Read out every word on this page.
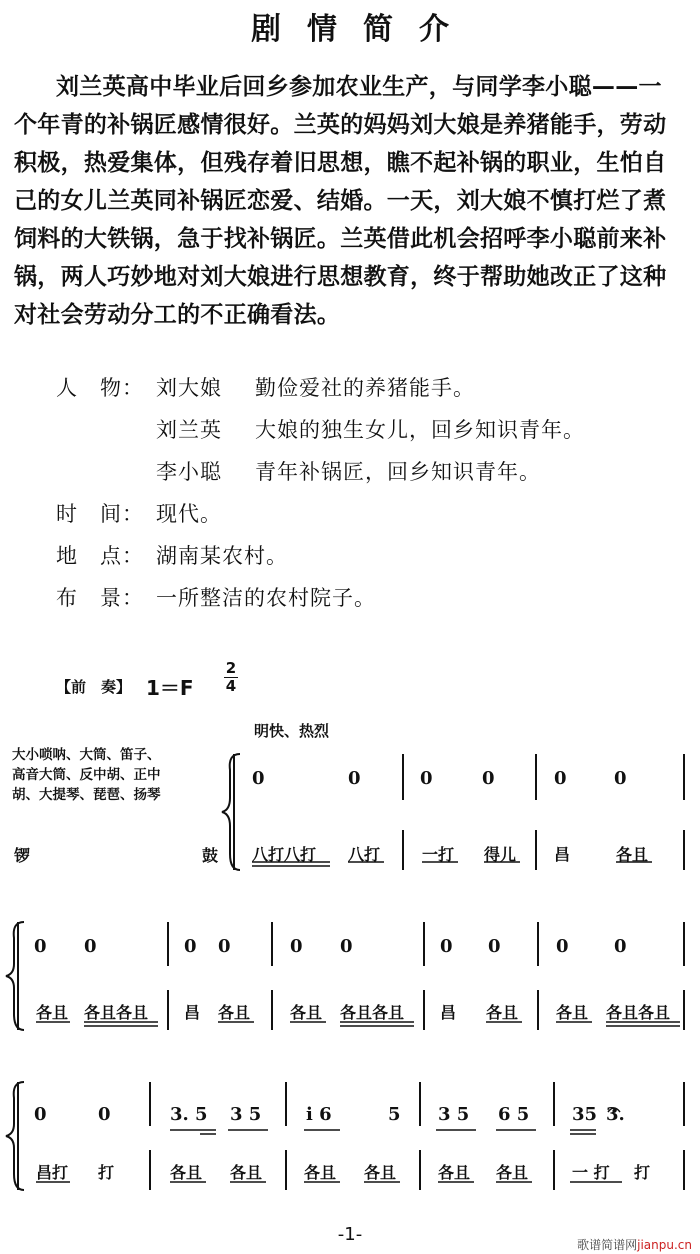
剧情简介
刘兰英高中毕业后回乡参加农业生产，与同学李小聪——一
个年青的补锅匠感情很好。兰英的妈妈刘大娘是养猪能手，劳动
积极，热爱集体，但残存着旧思想，瞧不起补锅的职业，生怕自
己的女儿兰英同补锅匠恋爱、结婚。一天，刘大娘不慎打烂了煮
饲料的大铁锅，急于找补锅匠。兰英借此机会招呼李小聪前来补
锅，两人巧妙地对刘大娘进行思想教育，终于帮助她改正了这种
对社会劳动分工的不正确看法。
人　物： 刘大娘 勤俭爱社的养猪能手。
刘兰英 大娘的独生女儿，回乡知识青年。
李小聪 青年补锅匠，回乡知识青年。
时　间： 现代。
地　点： 湖南某农村。
布　景： 一所整洁的农村院子。
【前　奏】 1＝F
2
4
明快、热烈
大小唢呐、大筒、笛子、
高音大筒、反中胡、正中
胡、大提琴、琵琶、扬琴
锣	鼓
0	0	0	0	0	0
八打八打 八打	一打 得儿 昌	各且
0 0	0 0	0 0	0 0	0	0
各且 各且各且 昌 各且 各且 各且各且 昌 各且 各且 各且各且
0	0	3. 5 3 5 i 6	5 3 5 6 5 35 3.
昌打 打	各且 各且	各且 各且	各且 各且	一 打 打
-1-	歌谱简谱网jianpu.cn
